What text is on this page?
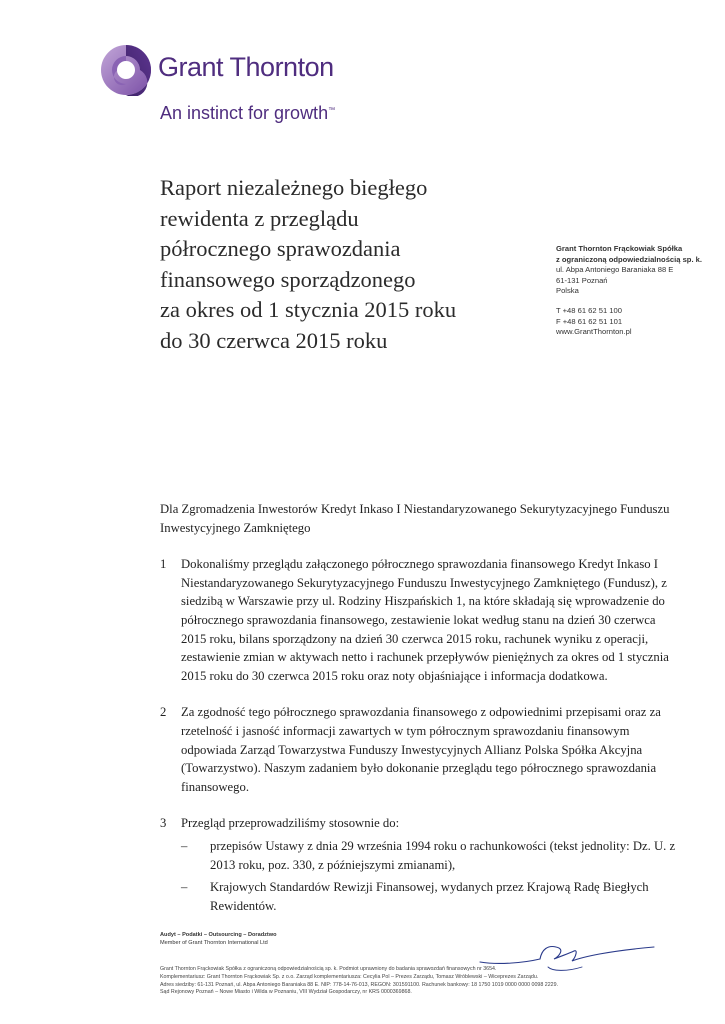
Grant Thornton
An instinct for growth™
Raport niezależnego biegłego
rewidenta z przeglądu
półrocznego sprawozdania
finansowego sporządzonego
za okres od 1 stycznia 2015 roku
do 30 czerwca 2015 roku
Grant Thornton Frąckowiak Spółka
z ograniczoną odpowiedzialnością sp. k.
ul. Abpa Antoniego Baraniaka 88 E
61-131 Poznań
Polska
T +48 61 62 51 100
F +48 61 62 51 101
www.GrantThornton.pl

Dla Zgromadzenia Inwestorów Kredyt Inkaso I Niestandaryzowanego Sekurytyzacyjnego Funduszu Inwestycyjnego Zamkniętego

1 Dokonaliśmy przeglądu załączonego półrocznego sprawozdania finansowego Kredyt Inkaso I Niestandaryzowanego Sekurytyzacyjnego Funduszu Inwestycyjnego Zamkniętego (Fundusz), z siedzibą w Warszawie przy ul. Rodziny Hiszpańskich 1, na które składają się wprowadzenie do półrocznego sprawozdania finansowego, zestawienie lokat według stanu na dzień 30 czerwca 2015 roku, bilans sporządzony na dzień 30 czerwca 2015 roku, rachunek wyniku z operacji, zestawienie zmian w aktywach netto i rachunek przepływów pieniężnych za okres od 1 stycznia 2015 roku do 30 czerwca 2015 roku oraz noty objaśniające i informacja dodatkowa.
2 Za zgodność tego półrocznego sprawozdania finansowego z odpowiednimi przepisami oraz za rzetelność i jasność informacji zawartych w tym półrocznym sprawozdaniu finansowym odpowiada Zarząd Towarzystwa Funduszy Inwestycyjnych Allianz Polska Spółka Akcyjna (Towarzystwo). Naszym zadaniem było dokonanie przeglądu tego półrocznego sprawozdania finansowego.
3 Przegląd przeprowadziliśmy stosownie do:
– przepisów Ustawy z dnia 29 września 1994 roku o rachunkowości (tekst jednolity: Dz. U. z 2013 roku, poz. 330, z późniejszymi zmianami),
– Krajowych Standardów Rewizji Finansowej, wydanych przez Krajową Radę Biegłych Rewidentów.
Audyt – Podatki – Outsourcing – Doradztwo
Member of Grant Thornton International Ltd
Grant Thornton Frąckowiak Spółka z ograniczoną odpowiedzialnością sp. k. Podmiot uprawniony do badania sprawozdań finansowych nr 3654.
Komplementariusz: Grant Thornton Frąckowiak Sp. z o.o. Zarząd komplementariusza: Cecylia Pol – Prezes Zarządu, Tomasz Wróblewski – Wiceprezes Zarządu.
Adres siedziby: 61-131 Poznań, ul. Abpa Antoniego Baraniaka 88 E. NIP: 778-14-76-013, REGON: 301591100. Rachunek bankowy: 18 1750 1019 0000 0000 0098 2229.
Sąd Rejonowy Poznań – Nowe Miasto i Wilda w Poznaniu, VIII Wydział Gospodarczy, nr KRS 0000369868.
